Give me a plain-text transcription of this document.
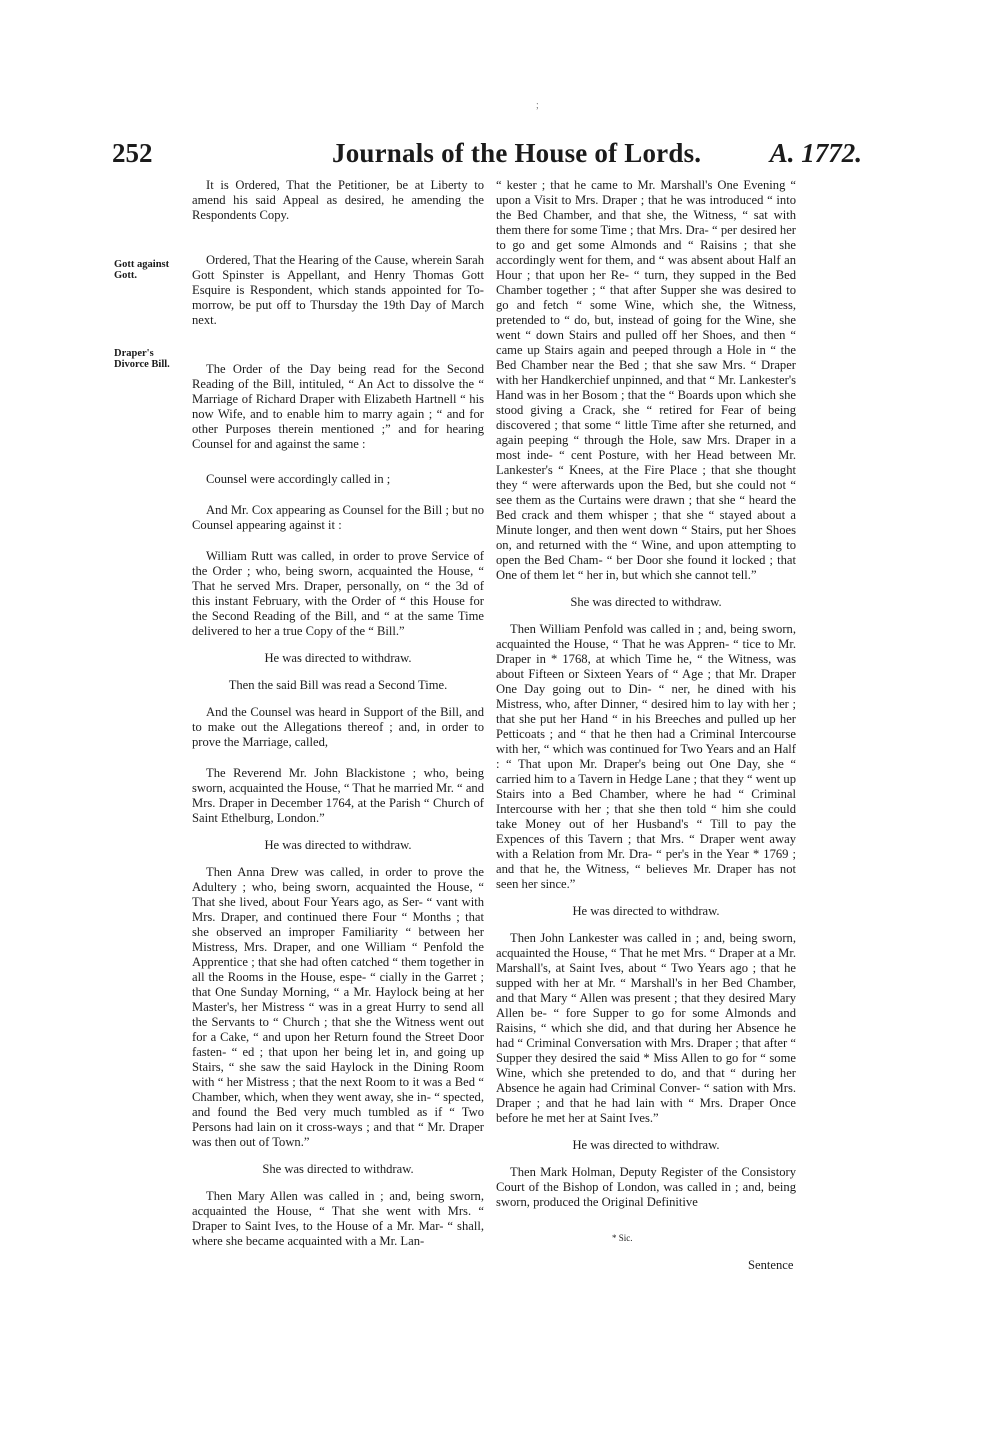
;
252	Journals of the House of Lords.	A. 1772.
Gott against Gott.
Draper's Divorce Bill.

It is Ordered, That the Petitioner, be at Liberty to amend his said Appeal as desired, he amending the Respondents Copy.

Ordered, That the Hearing of the Cause, wherein Sarah Gott Spinster is Appellant, and Henry Thomas Gott Esquire is Respondent, which stands appointed for To-morrow, be put off to Thursday the 19th Day of March next.

The Order of the Day being read for the Second Reading of the Bill, intituled, “ An Act to dissolve the “ Marriage of Richard Draper with Elizabeth Hartnell “ his now Wife, and to enable him to marry again ; “ and for other Purposes therein mentioned ;” and for hearing Counsel for and against the same :

Counsel were accordingly called in ;

And Mr. Cox appearing as Counsel for the Bill ; but no Counsel appearing against it :

William Rutt was called, in order to prove Service of the Order ; who, being sworn, acquainted the House, “ That he served Mrs. Draper, personally, on “ the 3d of this instant February, with the Order of “ this House for the Second Reading of the Bill, and “ at the same Time delivered to her a true Copy of the “ Bill.”

He was directed to withdraw.

Then the said Bill was read a Second Time.

And the Counsel was heard in Support of the Bill, and to make out the Allegations thereof ; and, in order to prove the Marriage, called,

The Reverend Mr. John Blackistone ; who, being sworn, acquainted the House, “ That he married Mr. “ and Mrs. Draper in December 1764, at the Parish “ Church of Saint Ethelburg, London.”

He was directed to withdraw.

Then Anna Drew was called, in order to prove the Adultery ; who, being sworn, acquainted the House, “ That she lived, about Four Years ago, as Ser- “ vant with Mrs. Draper, and continued there Four “ Months ; that she observed an improper Familiarity “ between her Mistress, Mrs. Draper, and one William “ Penfold the Apprentice ; that she had often catched “ them together in all the Rooms in the House, espe- “ cially in the Garret ; that One Sunday Morning, “ a Mr. Haylock being at her Master's, her Mistress “ was in a great Hurry to send all the Servants to “ Church ; that she the Witness went out for a Cake, “ and upon her Return found the Street Door fasten- “ ed ; that upon her being let in, and going up Stairs, “ she saw the said Haylock in the Dining Room with “ her Mistress ; that the next Room to it was a Bed “ Chamber, which, when they went away, she in- “ spected, and found the Bed very much tumbled as if “ Two Persons had lain on it cross-ways ; and that “ Mr. Draper was then out of Town.”

She was directed to withdraw.

Then Mary Allen was called in ; and, being sworn, acquainted the House, “ That she went with Mrs. “ Draper to Saint Ives, to the House of a Mr. Mar- “ shall, where she became acquainted with a Mr. Lan-

“ kester ; that he came to Mr. Marshall's One Evening “ upon a Visit to Mrs. Draper ; that he was introduced “ into the Bed Chamber, and that she, the Witness, “ sat with them there for some Time ; that Mrs. Dra- “ per desired her to go and get some Almonds and “ Raisins ; that she accordingly went for them, and “ was absent about Half an Hour ; that upon her Re- “ turn, they supped in the Bed Chamber together ; “ that after Supper she was desired to go and fetch “ some Wine, which she, the Witness, pretended to “ do, but, instead of going for the Wine, she went “ down Stairs and pulled off her Shoes, and then “ came up Stairs again and peeped through a Hole in “ the Bed Chamber near the Bed ; that she saw Mrs. “ Draper with her Handkerchief unpinned, and that “ Mr. Lankester's Hand was in her Bosom ; that the “ Boards upon which she stood giving a Crack, she “ retired for Fear of being discovered ; that some “ little Time after she returned, and again peeping “ through the Hole, saw Mrs. Draper in a most inde- “ cent Posture, with her Head between Mr. Lankester's “ Knees, at the Fire Place ; that she thought they “ were afterwards upon the Bed, but she could not “ see them as the Curtains were drawn ; that she “ heard the Bed crack and them whisper ; that she “ stayed about a Minute longer, and then went down “ Stairs, put her Shoes on, and returned with the “ Wine, and upon attempting to open the Bed Cham- “ ber Door she found it locked ; that One of them let “ her in, but which she cannot tell.”

She was directed to withdraw.

Then William Penfold was called in ; and, being sworn, acquainted the House, “ That he was Appren- “ tice to Mr. Draper in * 1768, at which Time he, “ the Witness, was about Fifteen or Sixteen Years of “ Age ; that Mr. Draper One Day going out to Din- “ ner, he dined with his Mistress, who, after Dinner, “ desired him to lay with her ; that she put her Hand “ in his Breeches and pulled up her Petticoats ; and “ that he then had a Criminal Intercourse with her, “ which was continued for Two Years and an Half : “ That upon Mr. Draper's being out One Day, she “ carried him to a Tavern in Hedge Lane ; that they “ went up Stairs into a Bed Chamber, where he had “ Criminal Intercourse with her ; that she then told “ him she could take Money out of her Husband's “ Till to pay the Expences of this Tavern ; that Mrs. “ Draper went away with a Relation from Mr. Dra- “ per's in the Year * 1769 ; and that he, the Witness, “ believes Mr. Draper has not seen her since.”

He was directed to withdraw.

Then John Lankester was called in ; and, being sworn, acquainted the House, “ That he met Mrs. “ Draper at a Mr. Marshall's, at Saint Ives, about “ Two Years ago ; that he supped with her at Mr. “ Marshall's in her Bed Chamber, and that Mary “ Allen was present ; that they desired Mary Allen be- “ fore Supper to go for some Almonds and Raisins, “ which she did, and that during her Absence he had “ Criminal Conversation with Mrs. Draper ; that after “ Supper they desired the said * Miss Allen to go for “ some Wine, which she pretended to do, and that “ during her Absence he again had Criminal Conver- “ sation with Mrs. Draper ; and that he had lain with “ Mrs. Draper Once before he met her at Saint Ives.”

He was directed to withdraw.

Then Mark Holman, Deputy Register of the Consistory Court of the Bishop of London, was called in ; and, being sworn, produced the Original Definitive

* Sic.
Sentence
